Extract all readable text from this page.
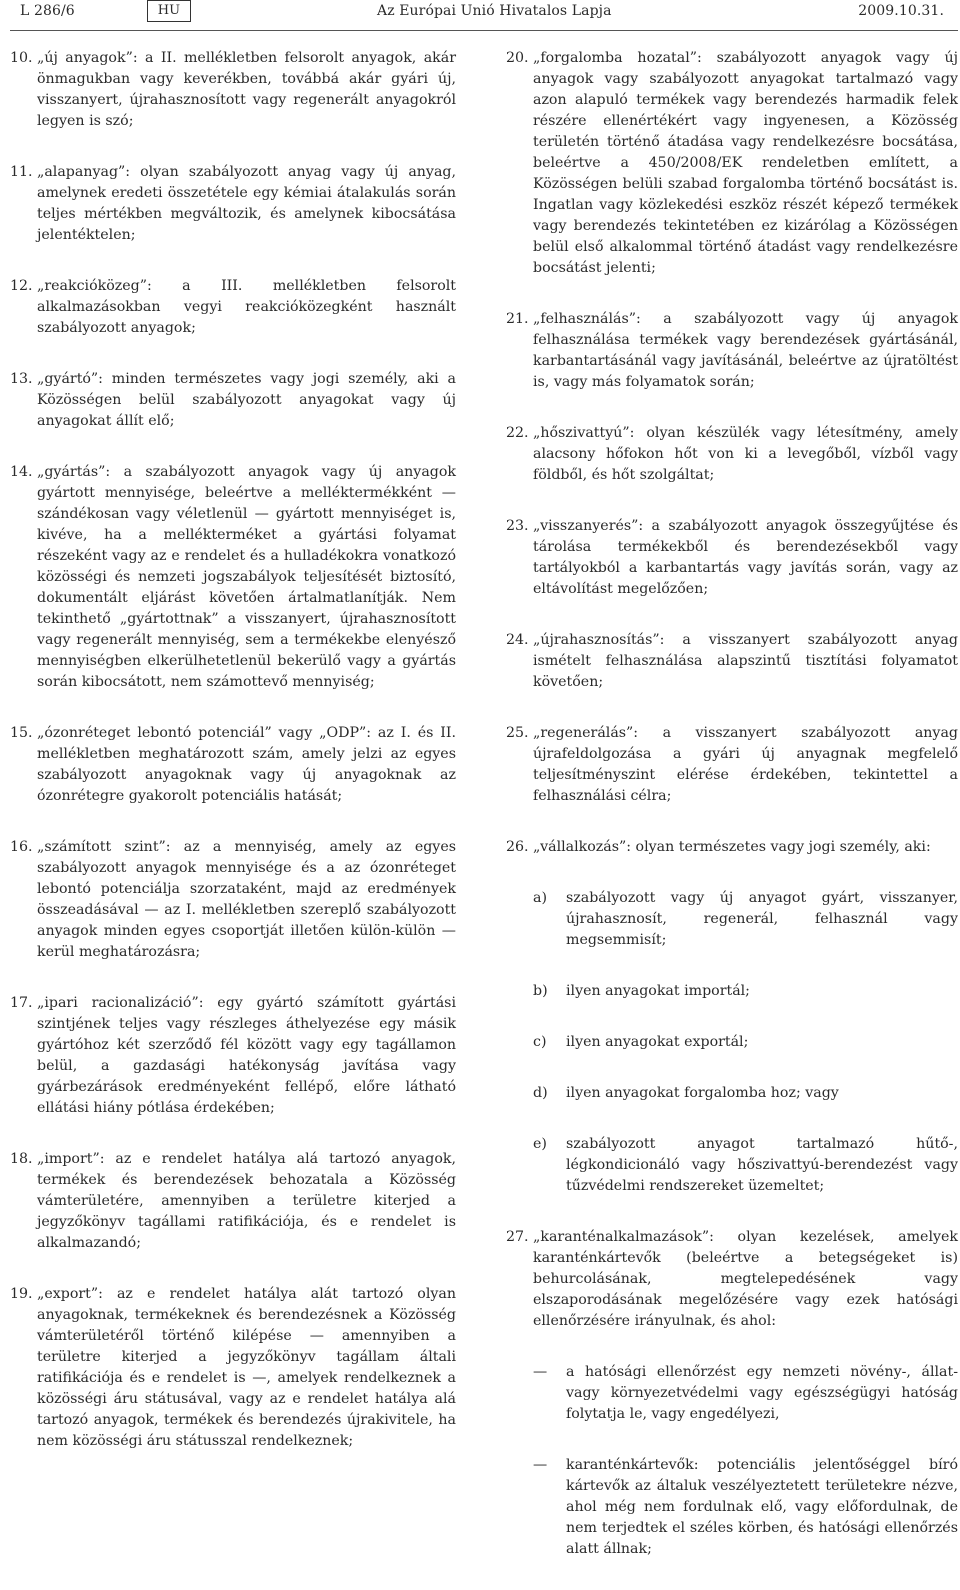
L 286/6	HU	Az Európai Unió Hivatalos Lapja	2009.10.31.
10. „új anyagok”: a II. mellékletben felsorolt anyagok, akár önmagukban vagy keverékben, továbbá akár gyári új, visszanyert, újrahasznosított vagy regenerált anyagokról legyen is szó;
11. „alapanyag”: olyan szabályozott anyag vagy új anyag, amelynek eredeti összetétele egy kémiai átalakulás során teljes mértékben megváltozik, és amelynek kibocsátása jelentéktelen;
12. „reakcióközeg”: a III. mellékletben felsorolt alkalmazásokban vegyi reakcióközegként használt szabályozott anyagok;
13. „gyártó”: minden természetes vagy jogi személy, aki a Közösségen belül szabályozott anyagokat vagy új anyagokat állít elő;
14. „gyártás”: a szabályozott anyagok vagy új anyagok gyártott mennyisége, beleértve a melléktermékként — szándékosan vagy véletlenül — gyártott mennyiséget is, kivéve, ha a mellékterméket a gyártási folyamat részeként vagy az e rendelet és a hulladékokra vonatkozó közösségi és nemzeti jogszabályok teljesítését biztosító, dokumentált eljárást követően ártalmatlanítják. Nem tekinthető „gyártottnak” a visszanyert, újrahasznosított vagy regenerált mennyiség, sem a termékekbe elenyésző mennyiségben elkerülhetetlenül bekerülő vagy a gyártás során kibocsátott, nem számottevő mennyiség;
15. „ózonréteget lebontó potenciál” vagy „ODP”: az I. és II. mellékletben meghatározott szám, amely jelzi az egyes szabályozott anyagoknak vagy új anyagoknak az ózonrétegre gyakorolt potenciális hatását;
16. „számított szint”: az a mennyiség, amely az egyes szabályozott anyagok mennyisége és a az ózonréteget lebontó potenciálja szorzataként, majd az eredmények összeadásával — az I. mellékletben szereplő szabályozott anyagok minden egyes csoportját illetően külön-külön — kerül meghatározásra;
17. „ipari racionalizáció”: egy gyártó számított gyártási szintjének teljes vagy részleges áthelyezése egy másik gyártóhoz két szerződő fél között vagy egy tagállamon belül, a gazdasági hatékonyság javítása vagy gyárbezárások eredményeként fellépő, előre látható ellátási hiány pótlása érdekében;
18. „import”: az e rendelet hatálya alá tartozó anyagok, termékek és berendezések behozatala a Közösség vámterületére, amennyiben a területre kiterjed a jegyzőkönyv tagállami ratifikációja, és e rendelet is alkalmazandó;
19. „export”: az e rendelet hatálya alát tartozó olyan anyagoknak, termékeknek és berendezésnek a Közösség vámterületéről történő kilépése — amennyiben a területre kiterjed a jegyzőkönyv tagállam általi ratifikációja és e rendelet is —, amelyek rendelkeznek a közösségi áru státusával, vagy az e rendelet hatálya alá tartozó anyagok, termékek és berendezés újrakivitele, ha nem közösségi áru státusszal rendelkeznek;
20. „forgalomba hozatal”: szabályozott anyagok vagy új anyagok vagy szabályozott anyagokat tartalmazó vagy azon alapuló termékek vagy berendezés harmadik felek részére ellenértékért vagy ingyenesen, a Közösség területén történő átadása vagy rendelkezésre bocsátása, beleértve a 450/2008/EK rendeletben említett, a Közösségen belüli szabad forgalomba történő bocsátást is. Ingatlan vagy közlekedési eszköz részét képező termékek vagy berendezés tekintetében ez kizárólag a Közösségen belül első alkalommal történő átadást vagy rendelkezésre bocsátást jelenti;
21. „felhasználás”: a szabályozott vagy új anyagok felhasználása termékek vagy berendezések gyártásánál, karbantartásánál vagy javításánál, beleértve az újratöltést is, vagy más folyamatok során;
22. „hőszivattyú”: olyan készülék vagy létesítmény, amely alacsony hőfokon hőt von ki a levegőből, vízből vagy földből, és hőt szolgáltat;
23. „visszanyerés”: a szabályozott anyagok összegyűjtése és tárolása termékekből és berendezésekből vagy tartályokból a karbantartás vagy javítás során, vagy az eltávolítást megelőzően;
24. „újrahasznosítás”: a visszanyert szabályozott anyag ismételt felhasználása alapszintű tisztítási folyamatot követően;
25. „regenerálás”: a visszanyert szabályozott anyag újrafeldolgozása a gyári új anyagnak megfelelő teljesítményszint elérése érdekében, tekintettel a felhasználási célra;
26. „vállalkozás”: olyan természetes vagy jogi személy, aki:
a)	szabályozott vagy új anyagot gyárt, visszanyer, újrahasznosít, regenerál, felhasznál vagy megsemmisít;
b)	ilyen anyagokat importál;
c)	ilyen anyagokat exportál;
d)	ilyen anyagokat forgalomba hoz; vagy
e)	szabályozott anyagot tartalmazó hűtő-, légkondicionáló vagy hőszivattyú-berendezést vagy tűzvédelmi rendszereket üzemeltet;
27. „karanténalkalmazások”: olyan kezelések, amelyek karanténkártevők (beleértve a betegségeket is) behurcolásának, megtelepedésének vagy elszaporodásának megelőzésére vagy ezek hatósági ellenőrzésére irányulnak, és ahol:
—	a hatósági ellenőrzést egy nemzeti növény-, állat- vagy környezetvédelmi vagy egészségügyi hatóság folytatja le, vagy engedélyezi,
—	karanténkártevők: potenciális jelentőséggel bíró kártevők az általuk veszélyeztetett területekre nézve, ahol még nem fordulnak elő, vagy előfordulnak, de nem terjedtek el széles körben, és hatósági ellenőrzés alatt állnak;
